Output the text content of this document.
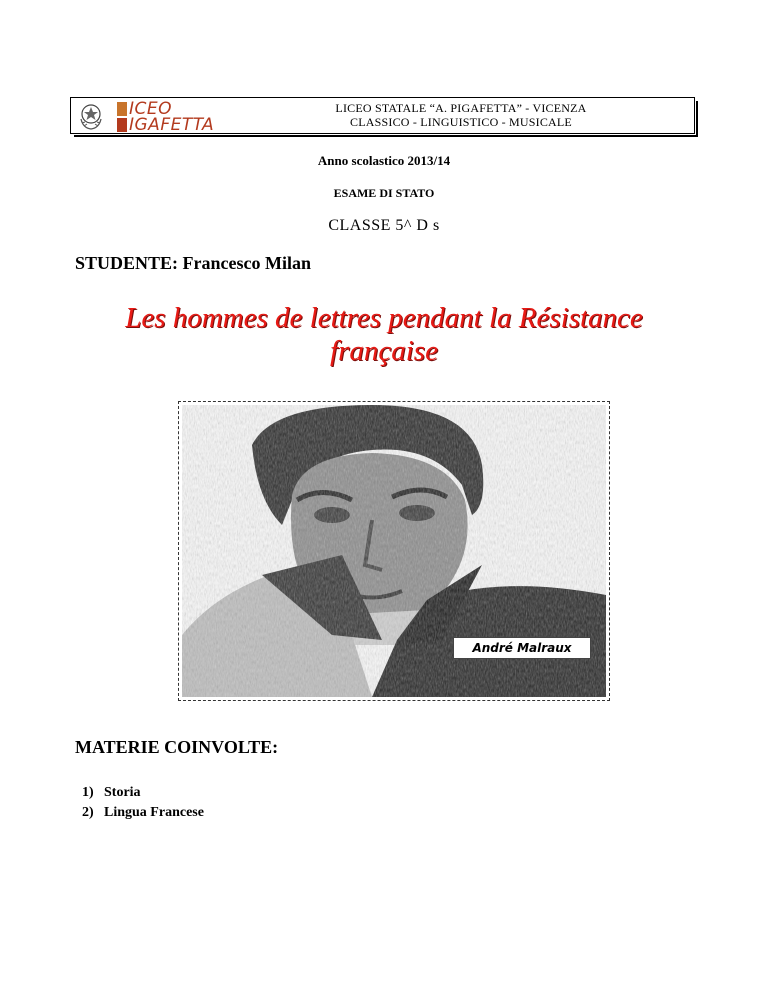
ICEO
IGAFETTA
LICEO STATALE “A. PIGAFETTA” - VICENZA
CLASSICO - LINGUISTICO - MUSICALE
Anno scolastico 2013/14
ESAME DI STATO
CLASSE 5^ D s
STUDENTE: Francesco Milan
Les hommes de lettres pendant la Résistance
française
André Malraux
MATERIE COINVOLTE:
1) Storia
2) Lingua Francese
